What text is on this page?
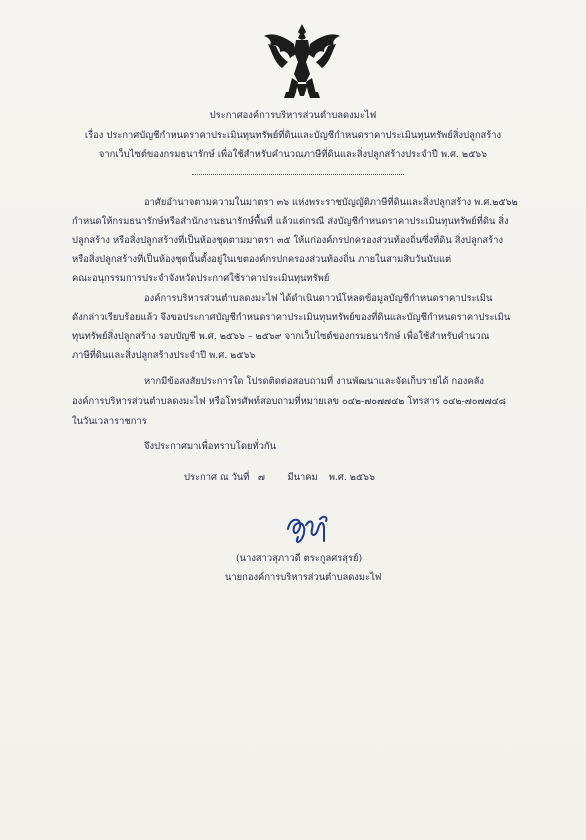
ประกาศองค์การบริหารส่วนตำบลดงมะไฟ
เรื่อง ประกาศบัญชีกำหนดราคาประเมินทุนทรัพย์ที่ดินและบัญชีกำหนดราคาประเมินทุนทรัพย์สิ่งปลูกสร้าง
จากเว็บไซต์ของกรมธนารักษ์ เพื่อใช้สำหรับคำนวณภาษีที่ดินและสิ่งปลูกสร้างประจำปี พ.ศ. ๒๕๖๖
อาศัยอำนาจตามความในมาตรา ๓๖ แห่งพระราชบัญญัติภาษีที่ดินและสิ่งปลูกสร้าง พ.ศ.๒๕๖๒
กำหนดให้กรมธนารักษ์หรือสำนักงานธนารักษ์พื้นที่ แล้วแต่กรณี ส่งบัญชีกำหนดราคาประเมินทุนทรัพย์ที่ดิน สิ่ง
ปลูกสร้าง หรือสิ่งปลูกสร้างที่เป็นห้องชุดตามมาตรา ๓๕ ให้แก่องค์กรปกครองส่วนท้องถิ่นซึ่งที่ดิน สิ่งปลูกสร้าง
หรือสิ่งปลูกสร้างที่เป็นห้องชุดนั้นตั้งอยู่ในเขตองค์กรปกครองส่วนท้องถิ่น ภายในสามสิบวันนับแต่
คณะอนุกรรมการประจำจังหวัดประกาศใช้ราคาประเมินทุนทรัพย์
องค์การบริหารส่วนตำบลดงมะไฟ ได้ดำเนินดาวน์โหลดข้อมูลบัญชีกำหนดราคาประเมิน
ดังกล่าวเรียบร้อยแล้ว จึงขอประกาศบัญชีกำหนดราคาประเมินทุนทรัพย์ของที่ดินและบัญชีกำหนดราคาประเมิน
ทุนทรัพย์สิ่งปลูกสร้าง รอบบัญชี พ.ศ. ๒๕๖๖ – ๒๕๖๙ จากเว็บไซต์ของกรมธนารักษ์ เพื่อใช้สำหรับคำนวณ
ภาษีที่ดินและสิ่งปลูกสร้างประจำปี พ.ศ. ๒๕๖๖
หากมีข้อสงสัยประการใด โปรดติดต่อสอบถามที่ งานพัฒนาและจัดเก็บรายได้ กองคลัง
องค์การบริหารส่วนตำบลดงมะไฟ หรือโทรศัพท์สอบถามที่หมายเลข ๐๔๒-๗๐๗๗๔๒ โทรสาร ๐๔๒-๗๐๗๗๔๘
ในวันเวลาราชการ
จึงประกาศมาเพื่อทราบโดยทั่วกัน
ประกาศ ณ วันที่ ๗ มีนาคม พ.ศ. ๒๕๖๖
(นางสาวสุภาวดี ตระกูลศรสุรย์)
นายกองค์การบริหารส่วนตำบลดงมะไฟ
